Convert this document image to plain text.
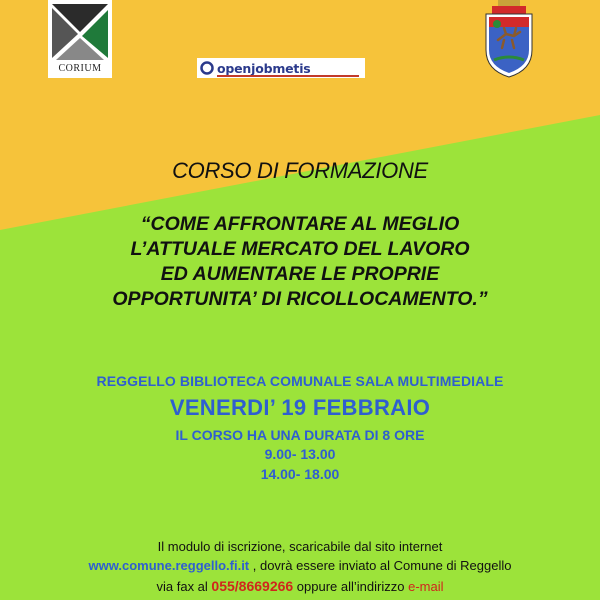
CORIUM	openjobmetis
CORSO DI FORMAZIONE
“COME AFFRONTARE AL MEGLIO
L’ATTUALE MERCATO DEL LAVORO
ED AUMENTARE LE PROPRIE
OPPORTUNITA’ DI RICOLLOCAMENTO.”
REGGELLO BIBLIOTECA COMUNALE SALA MULTIMEDIALE
VENERDI’ 19 FEBBRAIO
IL CORSO HA UNA DURATA DI 8 ORE
9.00- 13.00
14.00- 18.00
Il modulo di iscrizione, scaricabile dal sito internet
www.comune.reggello.fi.it , dovrà essere inviato al Comune di Reggello
via fax al 055/8669266 oppure all’indirizzo e-mail
